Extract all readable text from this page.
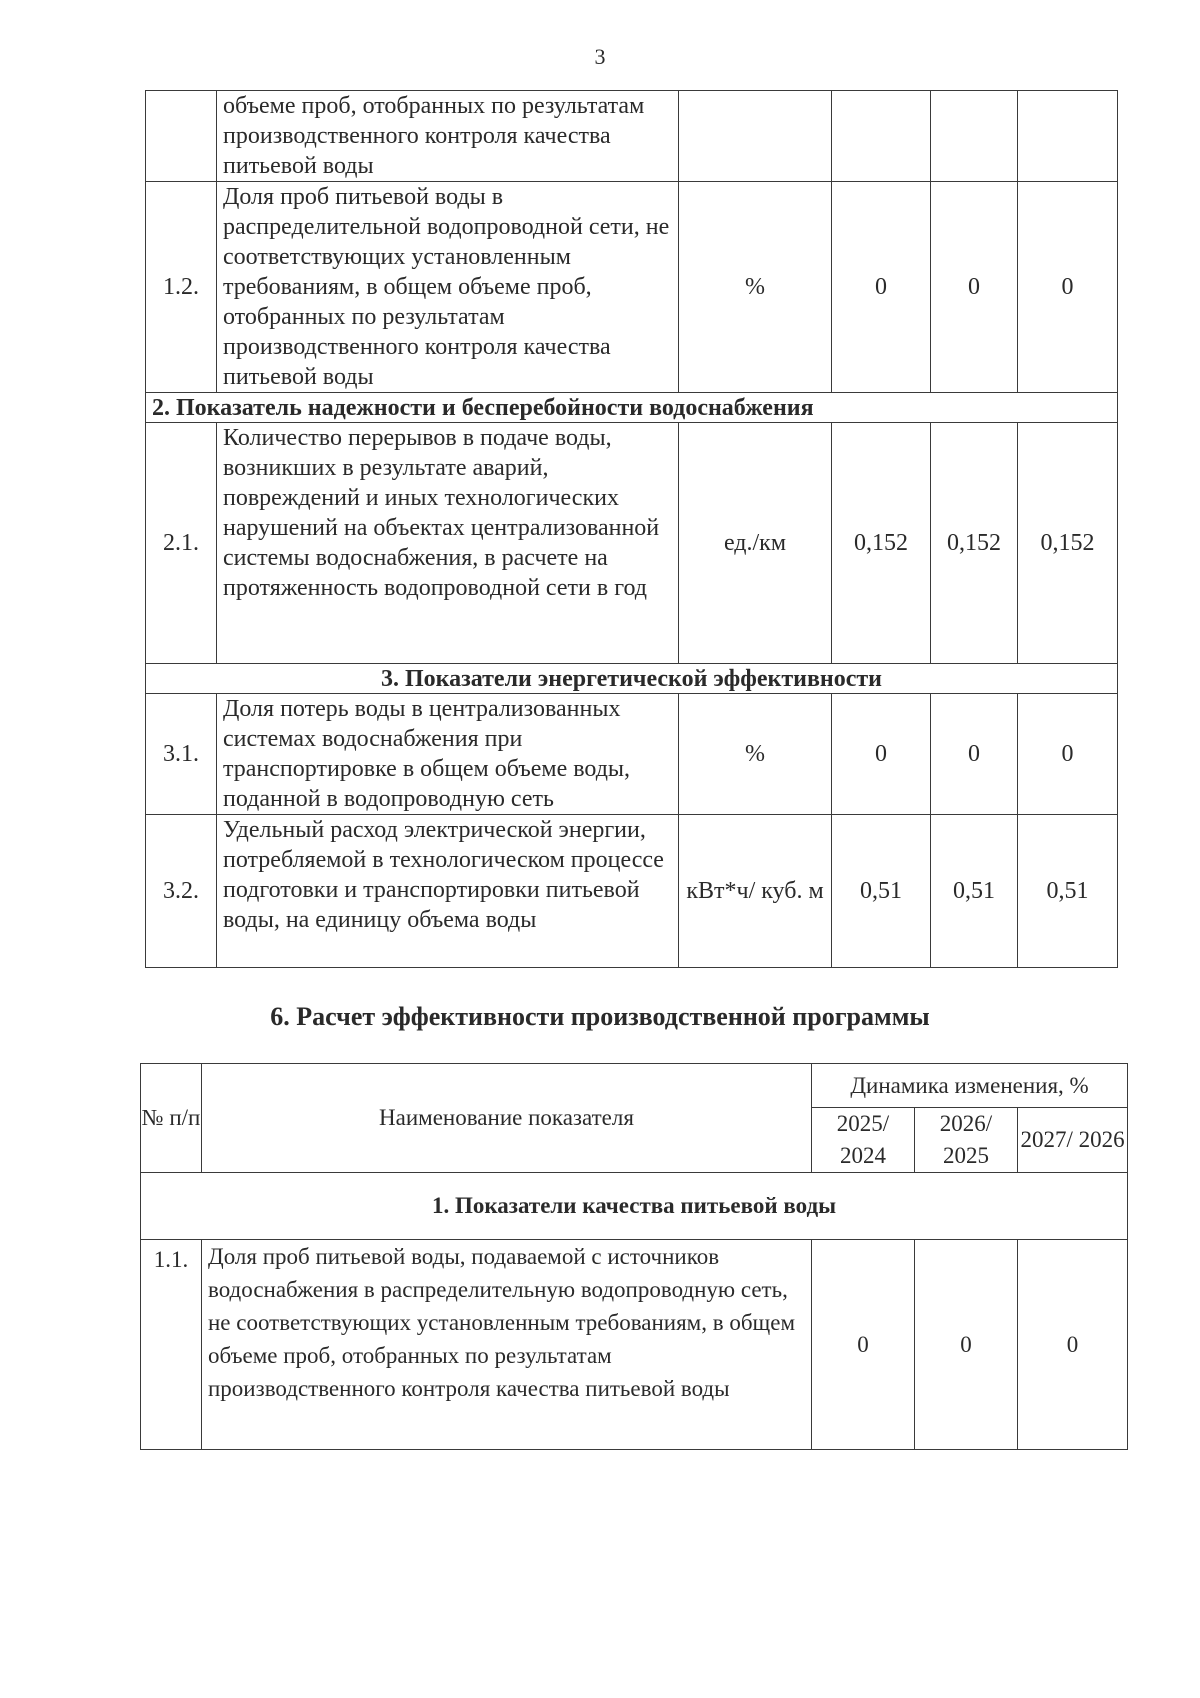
3
	объеме проб, отобранных по результатам производственного контроля качества питьевой воды				
1.2.	Доля проб питьевой воды в распределительной водопроводной сети, не соответствующих установленным требованиям, в общем объеме проб, отобранных по результатам производственного контроля качества питьевой воды	%	0	0	0
2. Показатель надежности и бесперебойности водоснабжения					
2.1.	Количество перерывов в подаче воды, возникших в результате аварий, повреждений и иных технологических нарушений на объектах централизованной системы водоснабжения, в расчете на протяженность водопроводной сети в год	ед./км	0,152	0,152	0,152
3. Показатели энергетической эффективности					
3.1.	Доля потерь воды в централизованных системах водоснабжения при транспортировке в общем объеме воды, поданной в водопроводную сеть	%	0	0	0
3.2.	Удельный расход электрической энергии, потребляемой в технологическом процессе подготовки и транспортировки питьевой воды, на единицу объема воды	кВт*ч/ куб. м	0,51	0,51	0,51
6. Расчет эффективности производственной программы
№ п/п	Наименование показателя	Динамика изменения, %		
		2025/ 2024	2026/ 2025	2027/ 2026
1. Показатели качества питьевой воды				
1.1.	Доля проб питьевой воды, подаваемой с источников водоснабжения в распределительную водопроводную сеть, не соответствующих установленным требованиям, в общем объеме проб, отобранных по результатам производственного контроля качества питьевой воды	0	0	0
